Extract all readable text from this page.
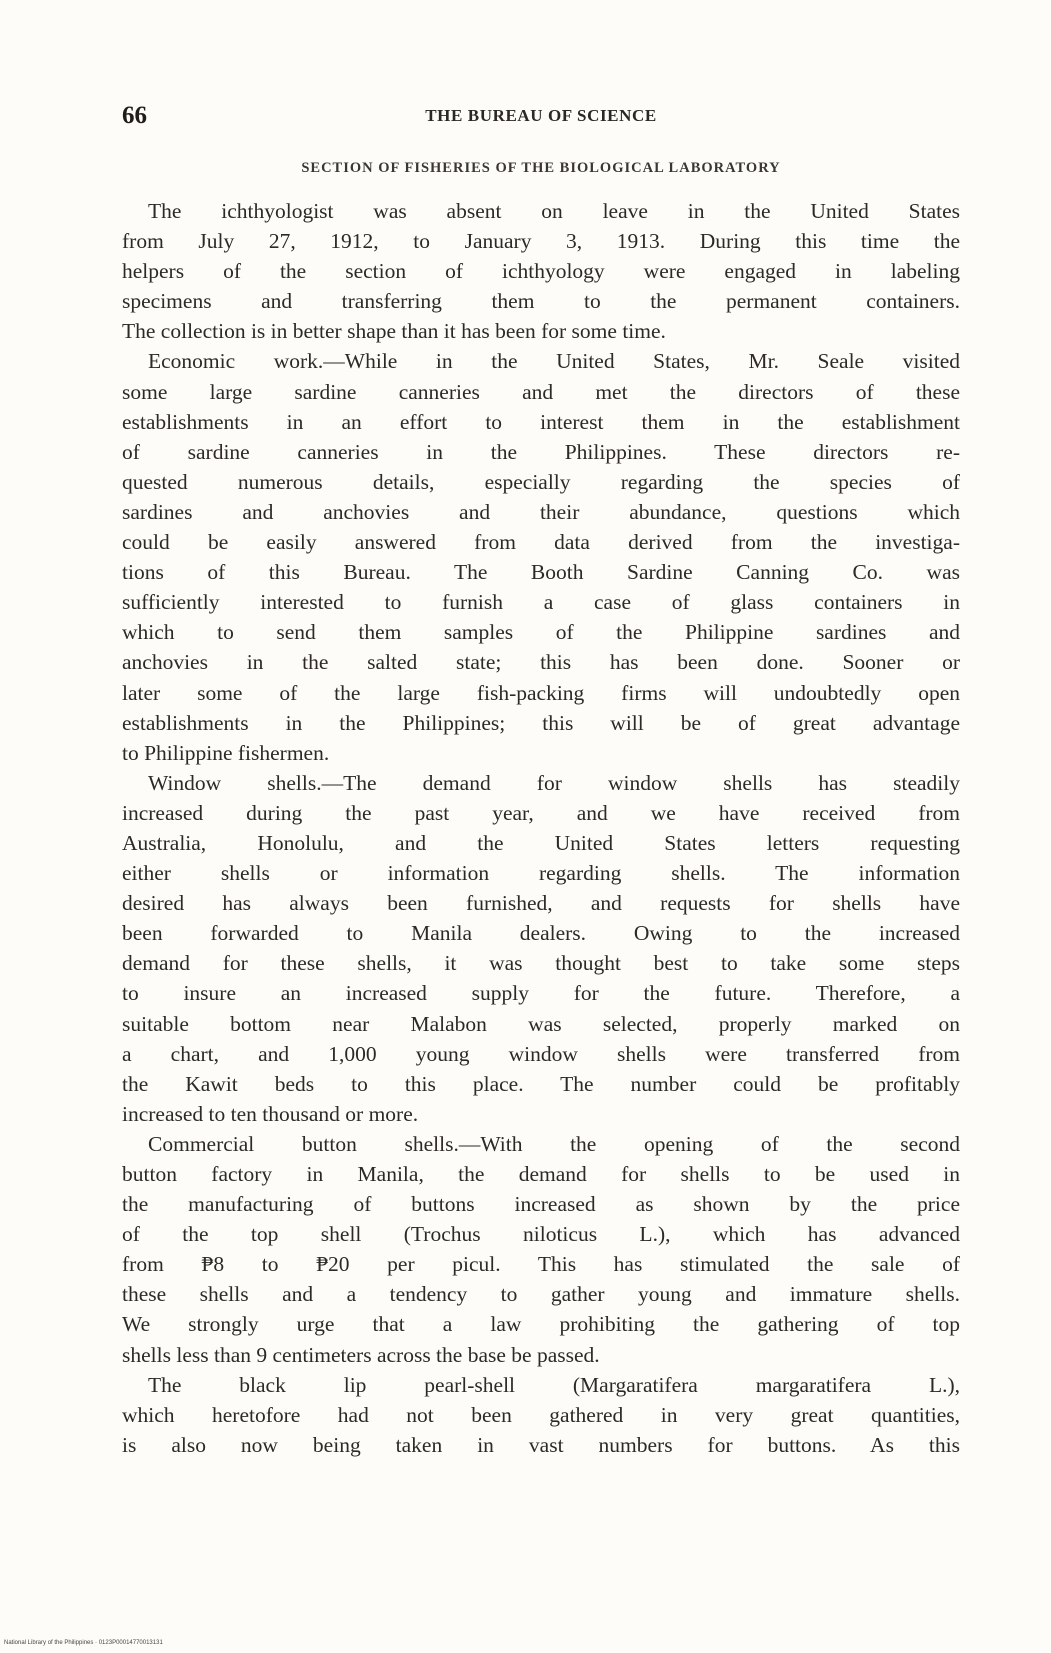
66	THE BUREAU OF SCIENCE
SECTION OF FISHERIES OF THE BIOLOGICAL LABORATORY
The ichthyologist was absent on leave in the United States
from July 27, 1912, to January 3, 1913. During this time the
helpers of the section of ichthyology were engaged in labeling
specimens and transferring them to the permanent containers.
The collection is in better shape than it has been for some time.
Economic work.—While in the United States, Mr. Seale visited
some large sardine canneries and met the directors of these
establishments in an effort to interest them in the establishment
of sardine canneries in the Philippines. These directors re-
quested numerous details, especially regarding the species of
sardines and anchovies and their abundance, questions which
could be easily answered from data derived from the investiga-
tions of this Bureau. The Booth Sardine Canning Co. was
sufficiently interested to furnish a case of glass containers in
which to send them samples of the Philippine sardines and
anchovies in the salted state; this has been done. Sooner or
later some of the large fish-packing firms will undoubtedly open
establishments in the Philippines; this will be of great advantage
to Philippine fishermen.
Window shells.—The demand for window shells has steadily
increased during the past year, and we have received from
Australia, Honolulu, and the United States letters requesting
either shells or information regarding shells. The information
desired has always been furnished, and requests for shells have
been forwarded to Manila dealers. Owing to the increased
demand for these shells, it was thought best to take some steps
to insure an increased supply for the future. Therefore, a
suitable bottom near Malabon was selected, properly marked on
a chart, and 1,000 young window shells were transferred from
the Kawit beds to this place. The number could be profitably
increased to ten thousand or more.
Commercial button shells.—With the opening of the second
button factory in Manila, the demand for shells to be used in
the manufacturing of buttons increased as shown by the price
of the top shell (Trochus niloticus L.), which has advanced
from ₱8 to ₱20 per picul. This has stimulated the sale of
these shells and a tendency to gather young and immature shells.
We strongly urge that a law prohibiting the gathering of top
shells less than 9 centimeters across the base be passed.
The black lip pearl-shell (Margaratifera margaratifera L.),
which heretofore had not been gathered in very great quantities,
is also now being taken in vast numbers for buttons. As this
National Library of the Philippines · 0123P00014770013131
